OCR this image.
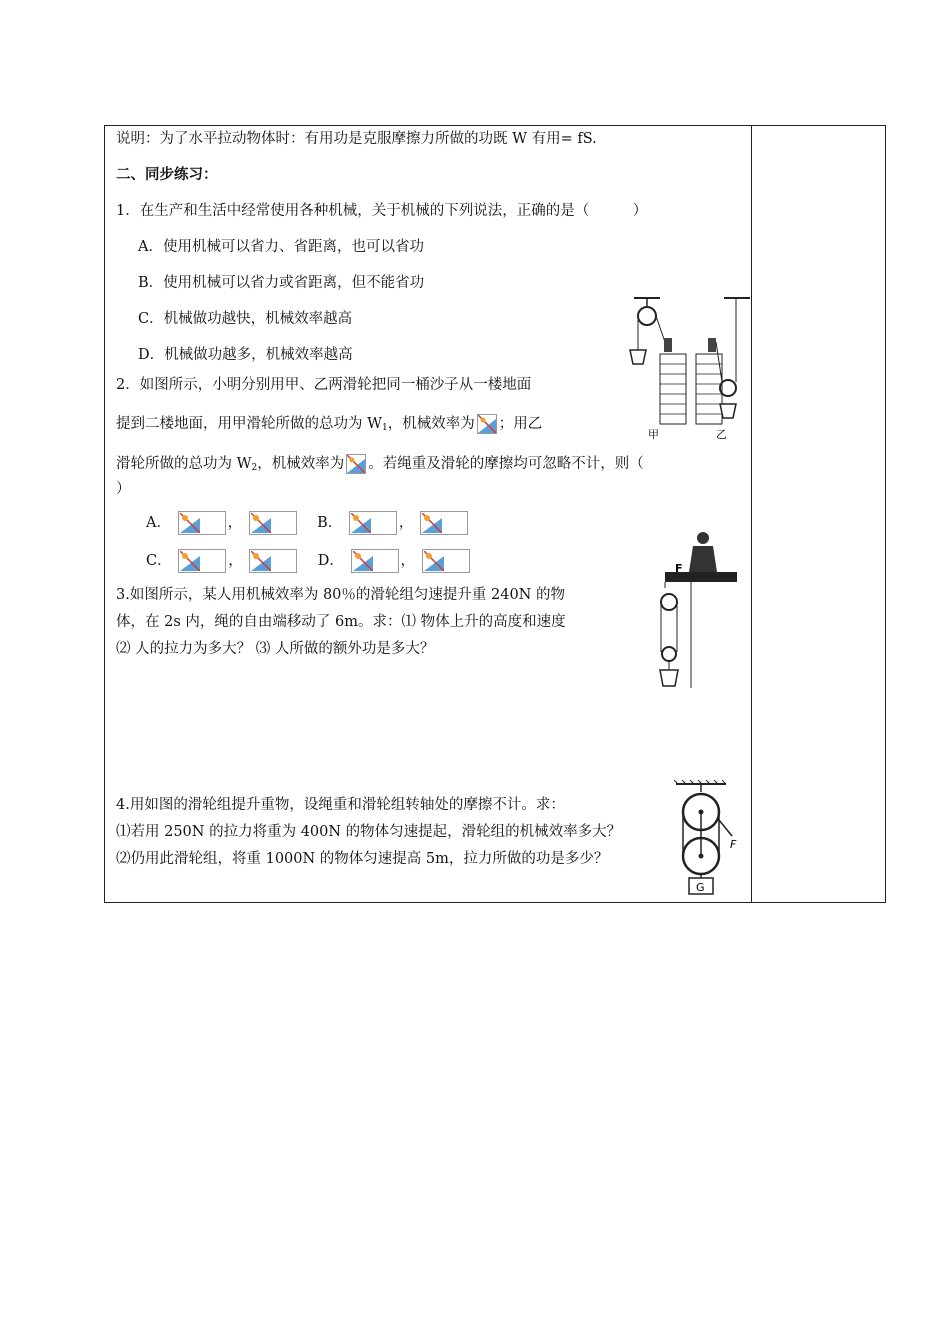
说明：为了水平拉动物体时：有用功是克服摩擦力所做的功既 W 有用= fS.
二、同步练习：
1．在生产和生活中经常使用各种机械，关于机械的下列说法，正确的是（　　　）
A．使用机械可以省力、省距离，也可以省功
B．使用机械可以省力或省距离，但不能省功
C．机械做功越快，机械效率越高
D．机械做功越多，机械效率越高
2．如图所示，小明分别用甲、乙两滑轮把同一桶沙子从一楼地面
提到二楼地面，用甲滑轮所做的总功为 $W_1$，机械效率为 ；用乙
滑轮所做的总功为 $W_2$，机械效率为 。若绳重及滑轮的摩擦均可忽略不计，则（
）
A．	，	B．	，
C．	，	D．	，
甲	乙
3.如图所示，某人用机械效率为 80％的滑轮组匀速提升重 240N 的物
体，在 2s 内，绳的自由端移动了 6m。求：⑴ 物体上升的高度和速度
⑵ 人的拉力为多大？ ⑶ 人所做的额外功是多大？
F
4.用如图的滑轮组提升重物，设绳重和滑轮组转轴处的摩擦不计。求：
⑴若用 250N 的拉力将重为 400N 的物体匀速提起，滑轮组的机械效率多大？
⑵仍用此滑轮组，将重 1000N 的物体匀速提高 5m，拉力所做的功是多少？
G
F
